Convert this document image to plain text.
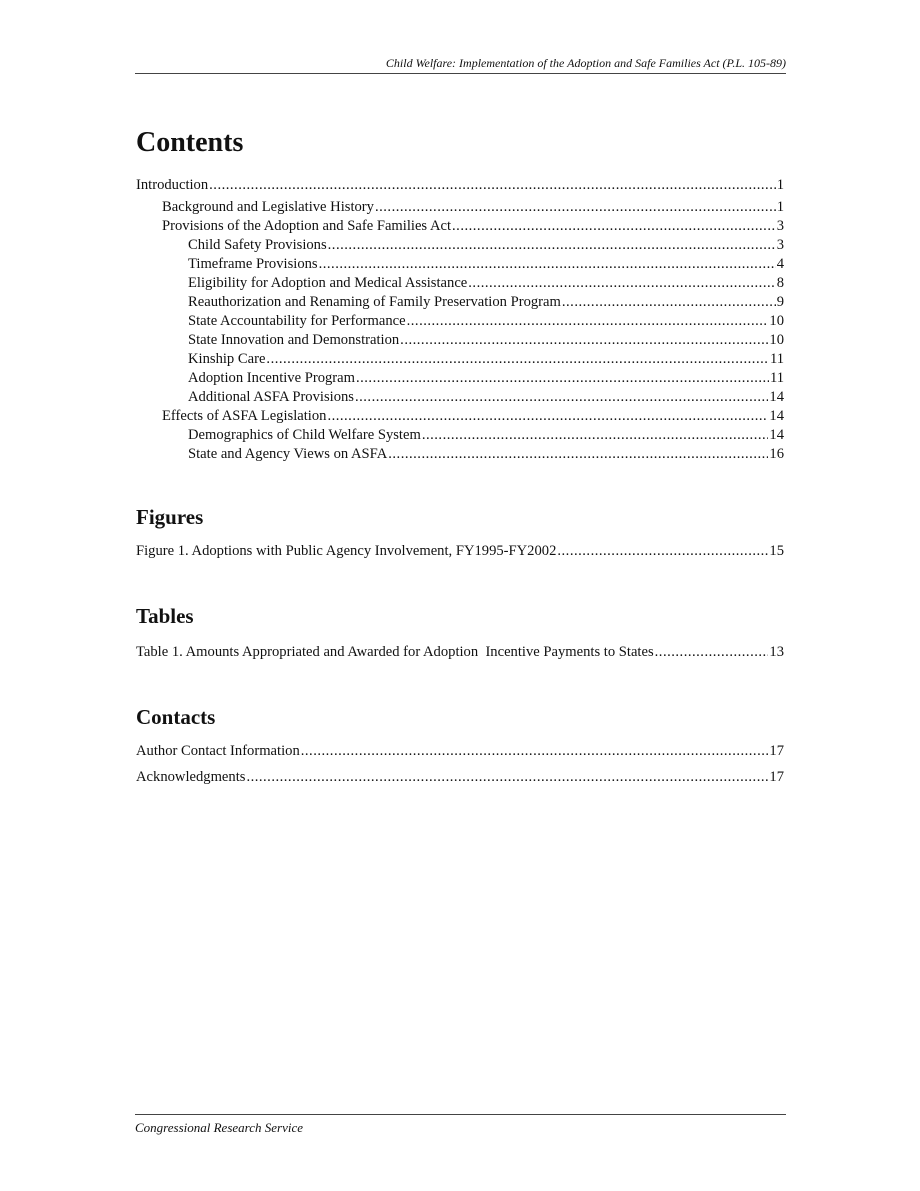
Child Welfare: Implementation of the Adoption and Safe Families Act (P.L. 105-89)
Contents
Introduction .....	1
Background and Legislative History .....	1
Provisions of the Adoption and Safe Families Act .....	3
Child Safety Provisions .....	3
Timeframe Provisions .....	4
Eligibility for Adoption and Medical Assistance .....	8
Reauthorization and Renaming of Family Preservation Program .....	9
State Accountability for Performance .....	10
State Innovation and Demonstration .....	10
Kinship Care .....	11
Adoption Incentive Program .....	11
Additional ASFA Provisions .....	14
Effects of ASFA Legislation .....	14
Demographics of Child Welfare System .....	14
State and Agency Views on ASFA .....	16
Figures
Figure 1. Adoptions with Public Agency Involvement, FY1995-FY2002 .....	15
Tables
Table 1. Amounts Appropriated and Awarded for Adoption  Incentive Payments to States .....	13
Contacts
Author Contact Information .....	17
Acknowledgments .....	17
Congressional Research Service
